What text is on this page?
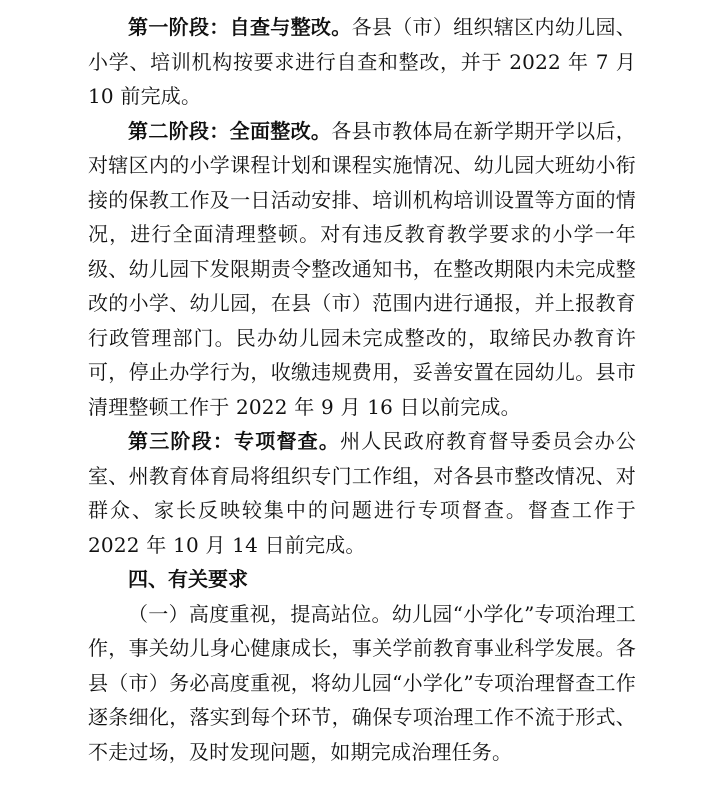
第一阶段：自查与整改。各县（市）组织辖区内幼儿园、小学、培训机构按要求进行自查和整改，并于 2022 年 7 月 10 前完成。

第二阶段：全面整改。各县市教体局在新学期开学以后，对辖区内的小学课程计划和课程实施情况、幼儿园大班幼小衔接的保教工作及一日活动安排、培训机构培训设置等方面的情况，进行全面清理整顿。对有违反教育教学要求的小学一年级、幼儿园下发限期责令整改通知书，在整改期限内未完成整改的小学、幼儿园，在县（市）范围内进行通报，并上报教育行政管理部门。民办幼儿园未完成整改的，取缔民办教育许可，停止办学行为，收缴违规费用，妥善安置在园幼儿。县市清理整顿工作于 2022 年 9 月 16 日以前完成。

第三阶段：专项督查。州人民政府教育督导委员会办公室、州教育体育局将组织专门工作组，对各县市整改情况、对群众、家长反映较集中的问题进行专项督查。督查工作于 2022 年 10 月 14 日前完成。

四、有关要求

（一）高度重视，提高站位。幼儿园“小学化”专项治理工作，事关幼儿身心健康成长，事关学前教育事业科学发展。各县（市）务必高度重视，将幼儿园“小学化”专项治理督查工作逐条细化，落实到每个环节，确保专项治理工作不流于形式、不走过场，及时发现问题，如期完成治理任务。
